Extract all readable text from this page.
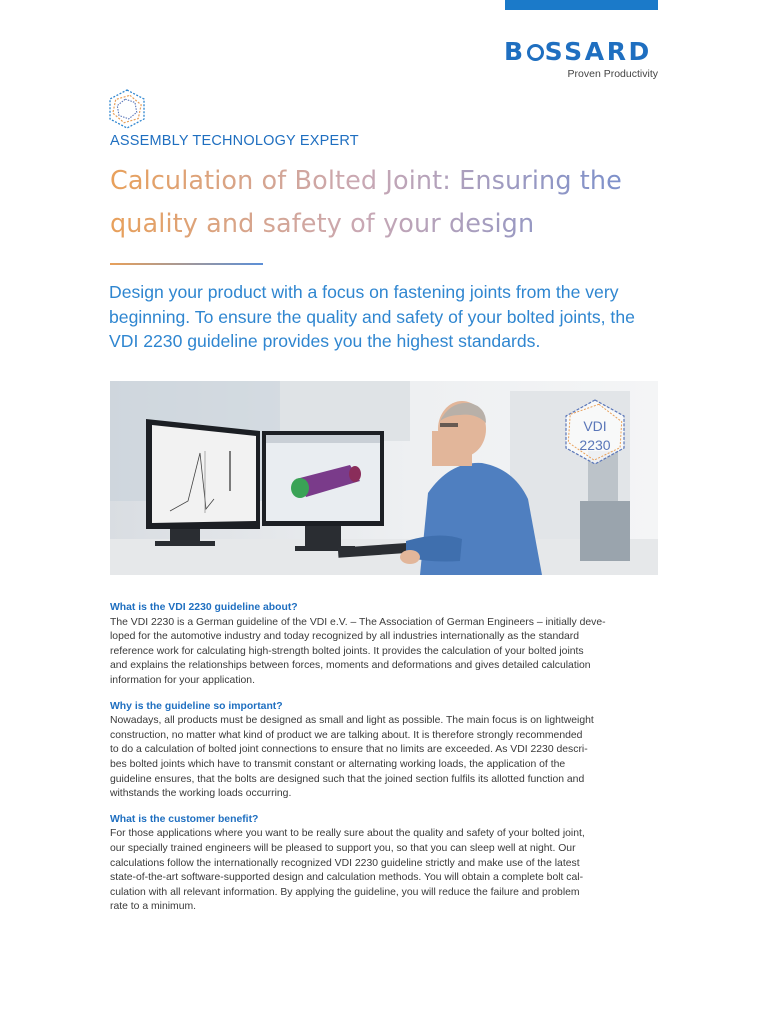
B SSARD
Proven Productivity
ASSEMBLY TECHNOLOGY EXPERT
Calculation of Bolted Joint: Ensuring the quality and safety of your design

Design your product with a focus on fastening joints from the very beginning. To ensure the quality and safety of your bolted joints, the VDI 2230 guideline provides you the highest standards.

VDI
2230
What is the VDI 2230 guideline about?

The VDI 2230 is a German guideline of the VDI e.V. – The Association of German Engineers – initially deve-
loped for the automotive industry and today recognized by all industries internationally as the standard
reference work for calculating high-strength bolted joints. It provides the calculation of your bolted joints
and explains the relationships between forces, moments and deformations and gives detailed calculation
information for your application.

Why is the guideline so important?

Nowadays, all products must be designed as small and light as possible. The main focus is on lightweight
construction, no matter what kind of product we are talking about. It is therefore strongly recommended
to do a calculation of bolted joint connections to ensure that no limits are exceeded. As VDI 2230 descri-
bes bolted joints which have to transmit constant or alternating working loads, the application of the
guideline ensures, that the bolts are designed such that the joined section fulfils its allotted function and
withstands the working loads occurring.

What is the customer benefit?

For those applications where you want to be really sure about the quality and safety of your bolted joint,
our specially trained engineers will be pleased to support you, so that you can sleep well at night. Our
calculations follow the internationally recognized VDI 2230 guideline strictly and make use of the latest
state-of-the-art software-supported design and calculation methods. You will obtain a complete bolt cal-
culation with all relevant information. By applying the guideline, you will reduce the failure and problem
rate to a minimum.
